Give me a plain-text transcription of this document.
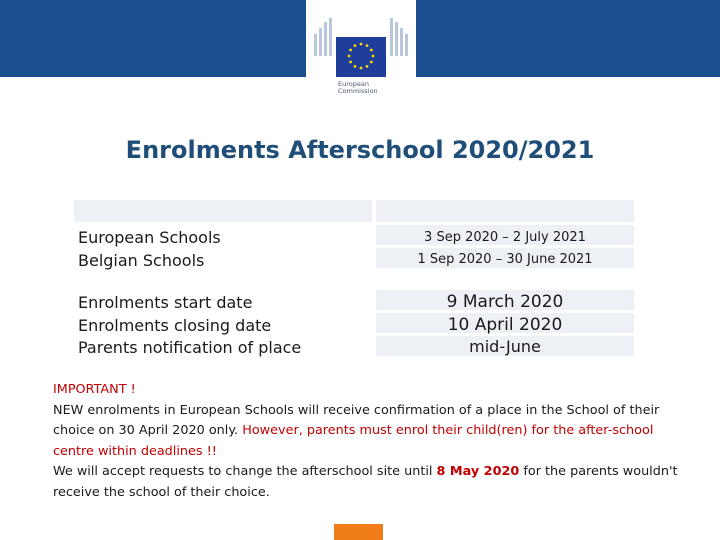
European
Commission
Enrolments Afterschool 2020/2021
European Schools
Belgian Schools
3 Sep 2020 – 2 July 2021
1 Sep 2020 – 30 June 2021
Enrolments start date
Enrolments closing date
Parents notification of place
9 March 2020
10 April 2020
mid-June
IMPORTANT !
NEW enrolments in European Schools will receive confirmation of a place in the School of their choice on 30 April 2020 only. However, parents must enrol their child(ren) for the after-school centre within deadlines !!
We will accept requests to change the afterschool site until 8 May 2020 for the parents wouldn't receive the school of their choice.
